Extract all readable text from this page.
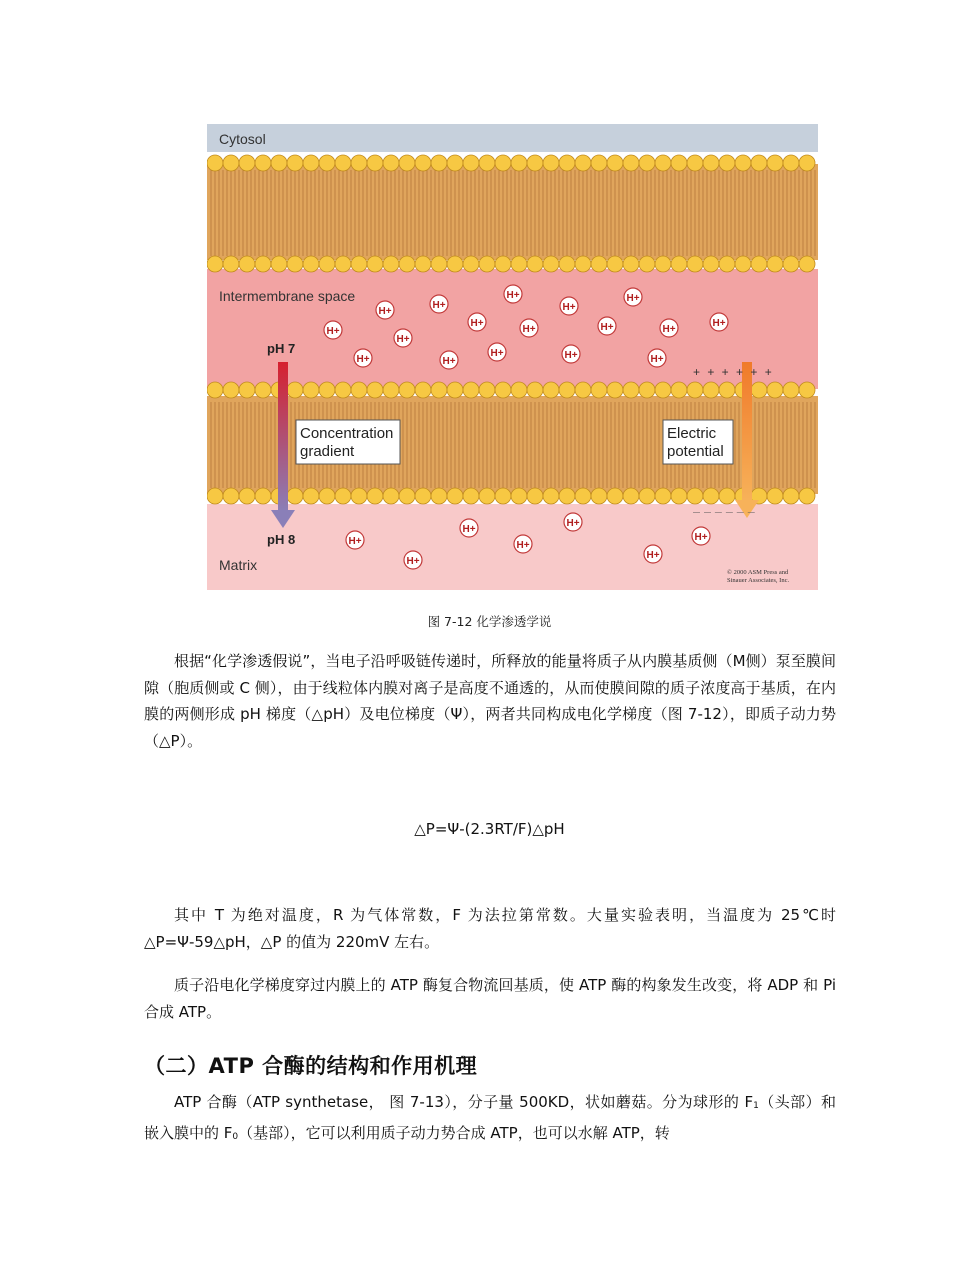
Cytosol
Intermembrane space
Matrix
pH 7
pH 8
Concentration
gradient
Electric
potential
+ + + + + +
— — — — — —
H+
H+
H+
H+
H+
H+
H+
H+
H+	H+	H+
H+
H+	H+
H+	H+	H+
H+
H+
H+
H+
H+
H+
H+
© 2000 ASM Press and
Sinauer Associates, Inc.
图 7-12 化学渗透学说

根据“化学渗透假说”，当电子沿呼吸链传递时，所释放的能量将质子从内膜基质侧（M侧）泵至膜间隙（胞质侧或 C 侧），由于线粒体内膜对离子是高度不通透的，从而使膜间隙的质子浓度高于基质，在内膜的两侧形成 pH 梯度（△pH）及电位梯度（Ψ），两者共同构成电化学梯度（图 7-12），即质子动力势（△P）。

△P=Ψ-(2.3RT/F)△pH

其中 T 为绝对温度，R 为气体常数，F 为法拉第常数。大量实验表明，当温度为 25℃时△P=Ψ-59△pH，△P 的值为 220mV 左右。

质子沿电化学梯度穿过内膜上的 ATP 酶复合物流回基质，使 ATP 酶的构象发生改变，将 ADP 和 Pi 合成 ATP。

（二）ATP 合酶的结构和作用机理

ATP 合酶（ATP synthetase， 图 7-13），分子量 500KD，状如蘑菇。分为球形的 F1（头部）和嵌入膜中的 F0（基部），它可以利用质子动力势合成 ATP，也可以水解 ATP，转
